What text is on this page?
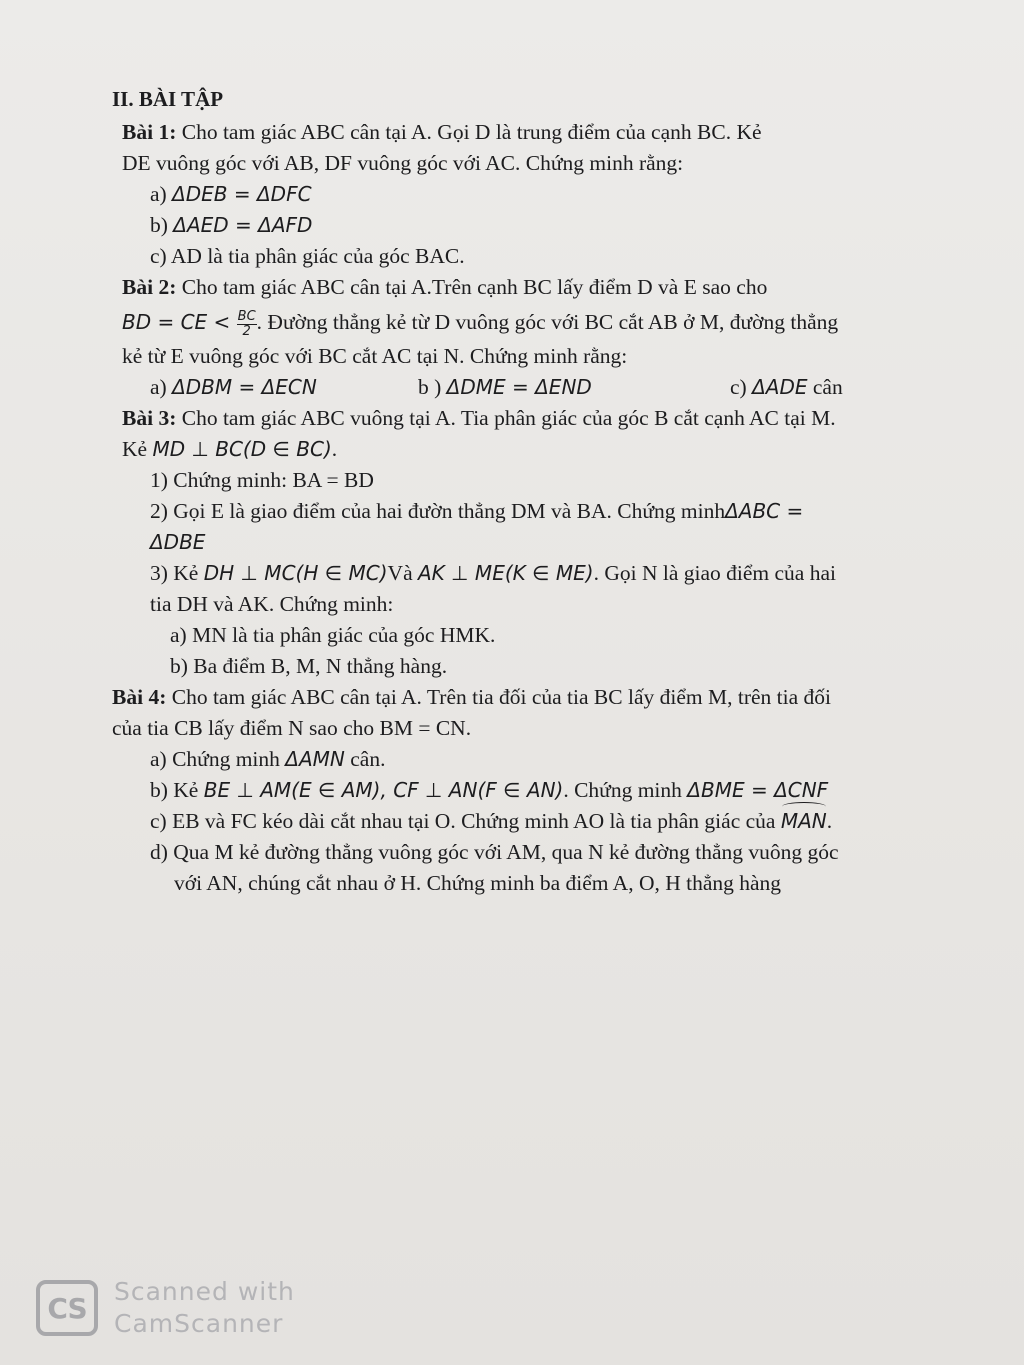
II. BÀI TẬP
Bài 1: Cho tam giác ABC cân tại A. Gọi D là trung điểm của cạnh BC. Kẻ
DE vuông góc với AB, DF vuông góc với AC. Chứng minh rằng:
a) ΔDEB = ΔDFC
b) ΔAED = ΔAFD
c) AD là tia phân giác của góc BAC.
Bài 2: Cho tam giác ABC cân tại A.Trên cạnh BC lấy điểm D và E sao cho
BD = CE < $\frac{BC}{2}$ . Đường thẳng kẻ từ D vuông góc với BC cắt AB ở M, đường thẳng
kẻ từ E vuông góc với BC cắt AC tại N. Chứng minh rằng:
a) ΔDBM = ΔECN	b ) ΔDME = ΔEND	c) ΔADE cân
Bài 3: Cho tam giác ABC vuông tại A. Tia phân giác của góc B cắt cạnh AC tại M.
Kẻ MD ⊥ BC(D ∈ BC).
1) Chứng minh: BA = BD
2) Gọi E là giao điểm của hai đườn thẳng DM và BA. Chứng minhΔABC =
ΔDBE
3) Kẻ DH ⊥ MC(H ∈ MC)Và AK ⊥ ME(K ∈ ME). Gọi N là giao điểm của hai
tia DH và AK. Chứng minh:
a) MN là tia phân giác của góc HMK.
b) Ba điểm B, M, N thẳng hàng.
Bài 4: Cho tam giác ABC cân tại A. Trên tia đối của tia BC lấy điểm M, trên tia đối
của tia CB lấy điểm N sao cho BM = CN.
a) Chứng minh ΔAMN cân.
b) Kẻ BE ⊥ AM(E ∈ AM), CF ⊥ AN(F ∈ AN). Chứng minh ΔBME = ΔCNF
c) EB và FC kéo dài cắt nhau tại O. Chứng minh AO là tia phân giác của MAN.
d) Qua M kẻ đường thẳng vuông góc với AM, qua N kẻ đường thẳng vuông góc
với AN, chúng cắt nhau ở H. Chứng minh ba điểm A, O, H thẳng hàng
CS	Scanned with
CamScanner
